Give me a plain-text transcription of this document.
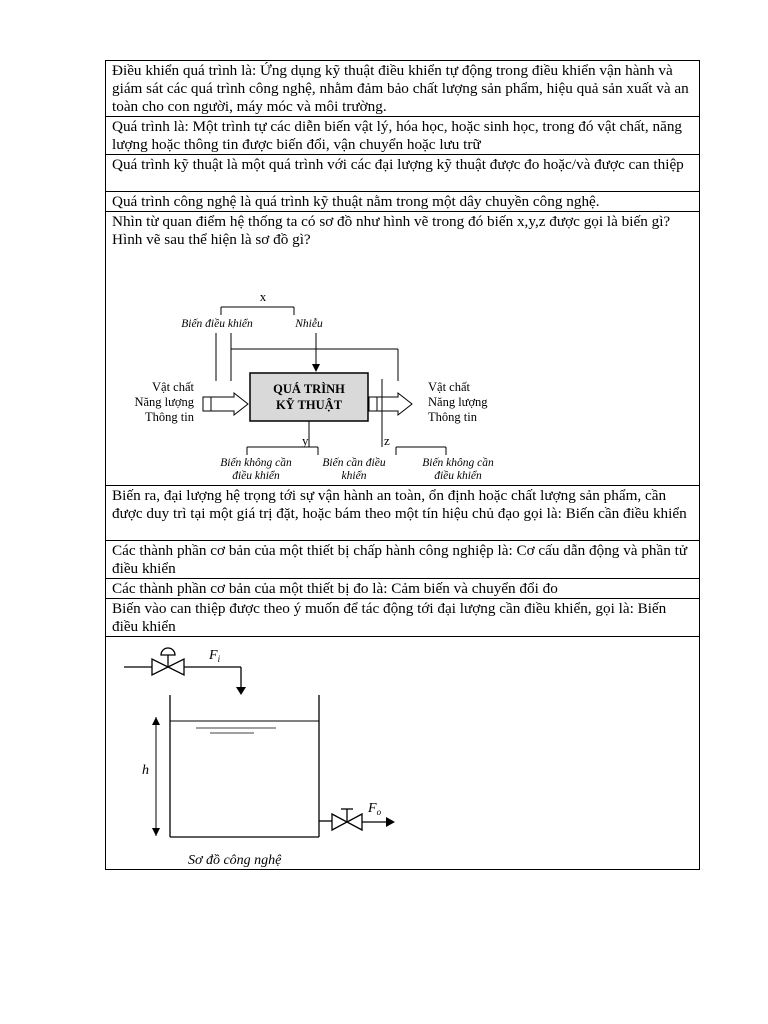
Điều khiển quá trình là: Ứng dụng kỹ thuật điều khiển tự động trong điều khiển vận hành và giám sát các quá trình công nghệ, nhằm đảm bảo chất lượng sản phẩm, hiệu quả sản xuất và an toàn cho con người, máy móc và môi trường.
Quá trình là: Một trình tự các diễn biến vật lý, hóa học, hoặc sinh học, trong đó vật chất, năng lượng hoặc thông tin được biến đổi, vận chuyển hoặc lưu trữ
Quá trình kỹ thuật là một quá trình với các đại lượng kỹ thuật được đo hoặc/và được can thiệp
Quá trình công nghệ là quá trình kỹ thuật nằm trong một dây chuyền công nghệ.

Nhìn từ quan điểm hệ thống ta có sơ đồ như hình vẽ trong đó biến x,y,z được gọi là biến gì? Hình vẽ sau thể hiện là sơ đồ gì?
x
Biến điều khiển	Nhiễu
Vật chất
Năng lượng
Thông tin
QUÁ TRÌNH
KỸ THUẬT
Vật chất
Năng lượng
Thông tin
y	z
Biến không cần	Biến cần điều	Biến không cần
điều khiển	khiển	điều khiển

Biến ra, đại lượng hệ trọng tới sự vận hành an toàn, ổn định hoặc chất lượng sản phẩm, cần được duy trì tại một giá trị đặt, hoặc bám theo một tín hiệu chủ đạo gọi là: Biến cần điều khiển
Các thành phần cơ bản của một thiết bị chấp hành công nghiệp là: Cơ cấu dẫn động và phần tử điều khiển
Các thành phần cơ bản của một thiết bị đo là: Cảm biến và chuyển đổi đo
Biến vào can thiệp được theo ý muốn để tác động tới đại lượng cần điều khiển, gọi là: Biến điều khiển

$F_i$
h
$F_o$
Sơ đồ công nghệ
